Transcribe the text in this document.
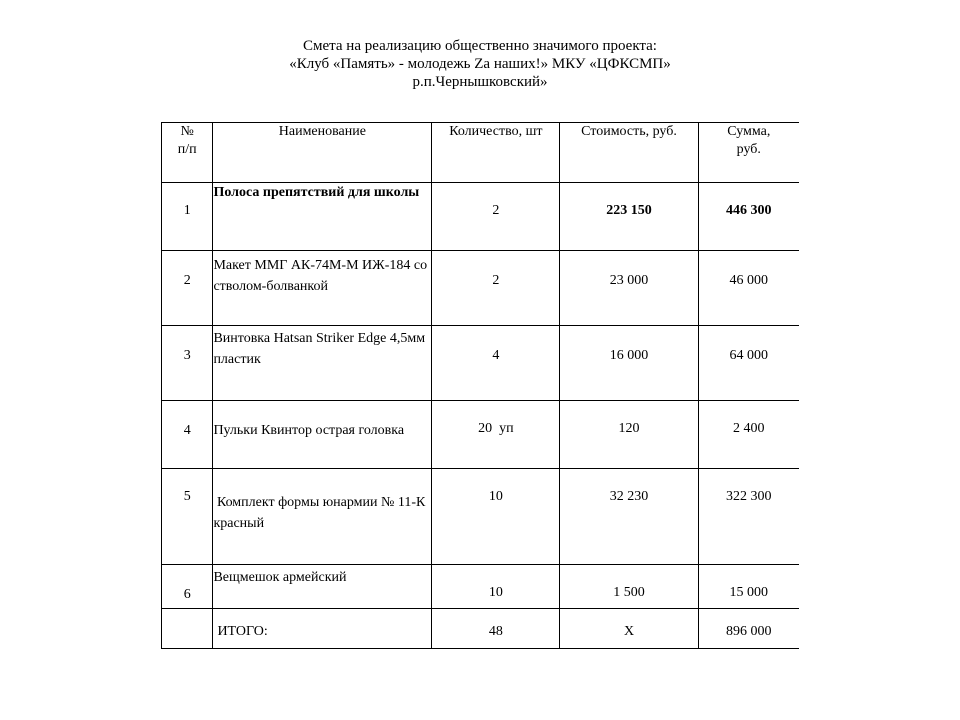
Смета на реализацию общественно значимого проекта:
«Клуб «Память» - молодежь Zа наших!» МКУ «ЦФКСМП»
р.п.Чернышковский»
№ п/п	Наименование	Количество, шт	Стоимость, руб.	Сумма, руб.
1	Полоса препятствий для школы	2	223 150	446 300
2	Макет ММГ АК-74М-М ИЖ-184 со стволом-болванкой	2	23 000	46 000
3	Винтовка Hatsan Striker Edge 4,5мм пластик	4	16 000	64 000
4	Пульки Квинтор острая головка	20  уп	120	2 400
5	Комплект формы юнармии № 11-К красный	10	32 230	322 300
6	Вещмешок армейский	10	1 500	15 000
	ИТОГО:	48	Х	896 000
